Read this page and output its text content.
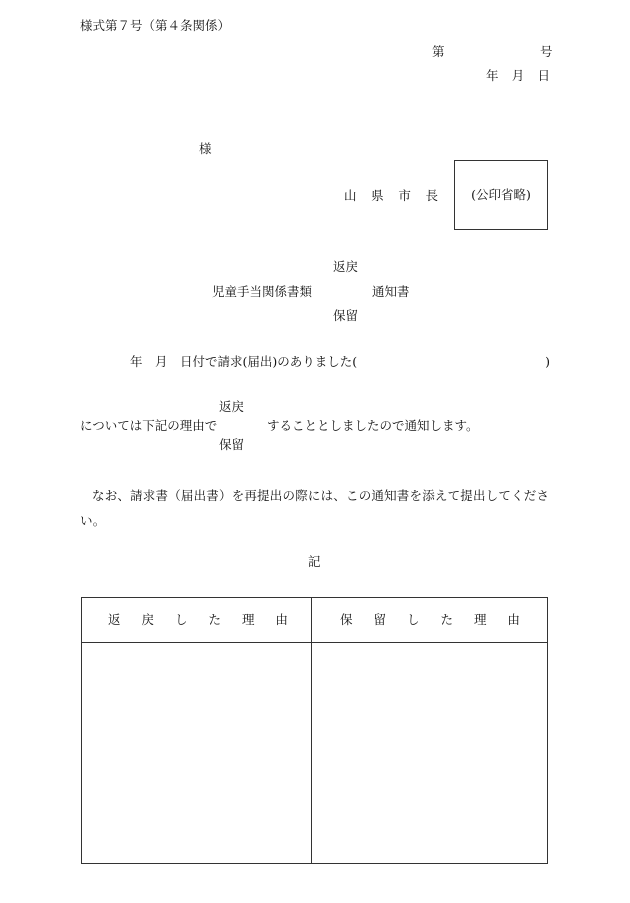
様式第７号（第４条関係）
第	号
年 月 日
様
山 県 市 長	(公印省略)
返戻
児童手当関係書類	通知書
保留
年　月　日付で請求(届出)のありました(	)
返戻
については下記の理由で	することとしましたので通知します。
保留
なお、請求書（届出書）を再提出の際には、この通知書を添えて提出してください。
記
返 戻 し た 理 由	保 留 し た 理 由
